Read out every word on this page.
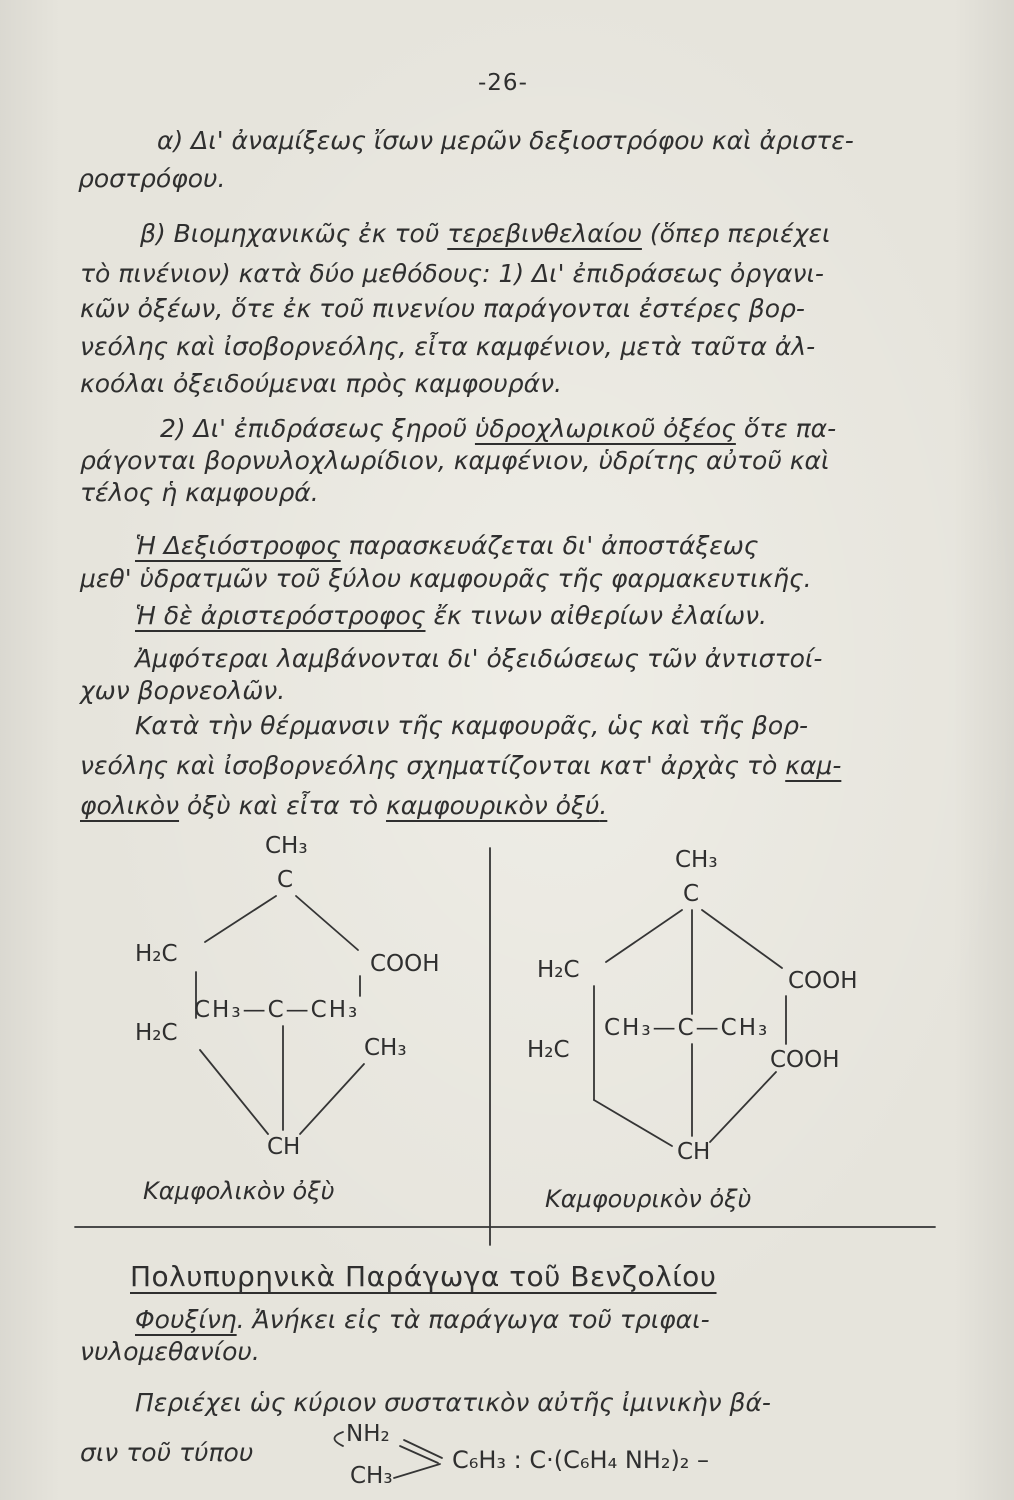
-26-
α) Δι' ἀναμίξεως ἴσων μερῶν δεξιοστρόφου καὶ ἀριστε-
ροστρόφου.
β) Βιομηχανικῶς ἐκ τοῦ τερεβινθελαίου (ὅπερ περιέχει
τὸ πινένιον) κατὰ δύο μεθόδους: 1) Δι' ἐπιδράσεως ὀργανι-
κῶν ὀξέων, ὅτε ἐκ τοῦ πινενίου παράγονται ἐστέρες βορ-
νεόλης καὶ ἰσοβορνεόλης, εἶτα καμφένιον, μετὰ ταῦτα ἀλ-
κοόλαι ὀξειδούμεναι πρὸς καμφουράν.
2) Δι' ἐπιδράσεως ξηροῦ ὑδροχλωρικοῦ ὀξέος ὅτε πα-
ράγονται βορνυλοχλωρίδιον, καμφένιον, ὑδρίτης αὐτοῦ καὶ
τέλος ἡ καμφουρά.
Ἡ Δεξιόστροφος παρασκευάζεται δι' ἀποστάξεως
μεθ' ὑδρατμῶν τοῦ ξύλου καμφουρᾶς τῆς φαρμακευτικῆς.
Ἡ δὲ ἀριστερόστροφος ἔκ τινων αἰθερίων ἐλαίων.
Ἀμφότεραι λαμβάνονται δι' ὀξειδώσεως τῶν ἀντιστοί-
χων βορνεολῶν.
Κατὰ τὴν θέρμανσιν τῆς καμφουρᾶς, ὡς καὶ τῆς βορ-
νεόλης καὶ ἰσοβορνεόλης σχηματίζονται κατ' ἀρχὰς τὸ καμ-
φολικὸν ὀξὺ καὶ εἶτα τὸ καμφουρικὸν ὀξύ.
CH₃
C
H₂C	COOH
CH₃—C—CH₃
H₂C
CH₃
CH
Καμφολικὸν ὀξὺ
CH₃
C
H₂C	COOH
CH₃—C—CH₃
H₂C	COOH
CH
Καμφουρικὸν ὀξὺ
Πολυπυρηνικὰ Παράγωγα τοῦ Βενζολίου
Φουξίνη. Ἀνήκει εἰς τὰ παράγωγα τοῦ τριφαι-
νυλομεθανίου.
Περιέχει ὡς κύριον συστατικὸν αὐτῆς ἰμινικὴν βά-
σιν τοῦ τύπου
NH₂
CH₃
C₆H₃ : C·(C₆H₄ NH₂)₂ –
